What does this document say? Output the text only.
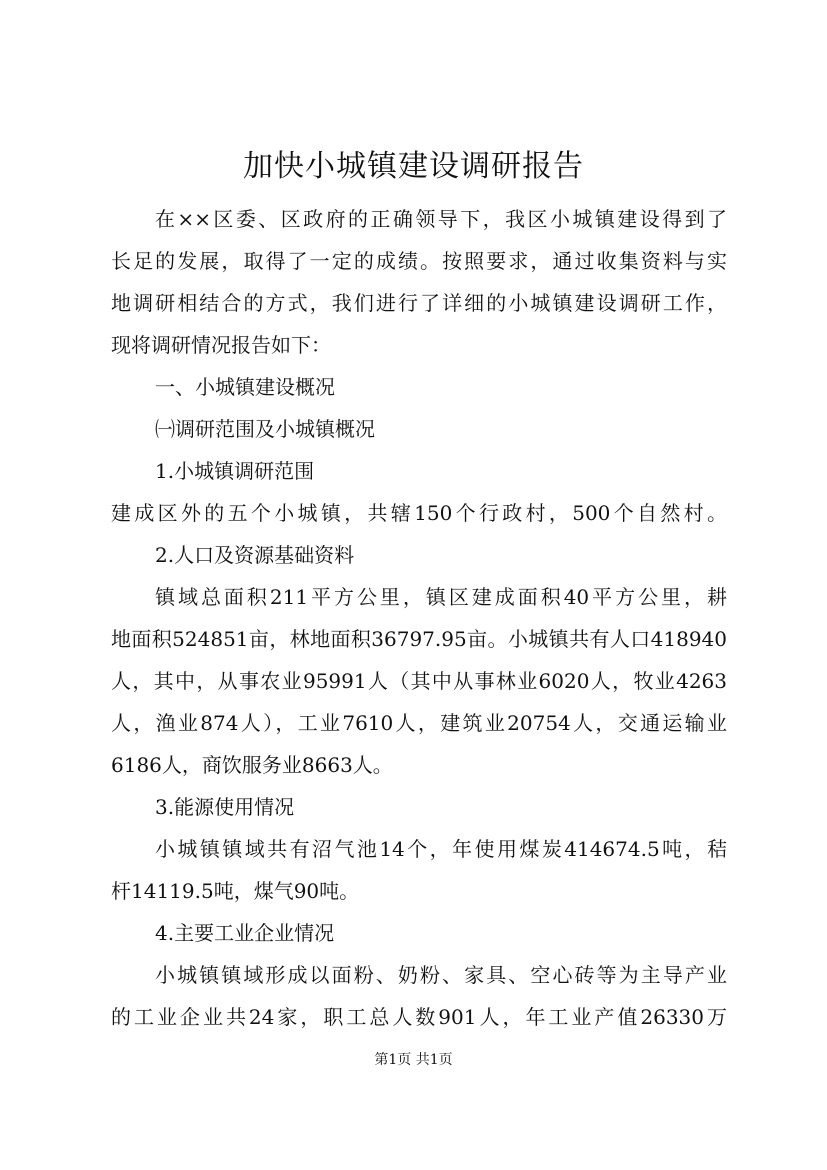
加快小城镇建设调研报告
在××区委、区政府的正确领导下，我区小城镇建设得到了
长足的发展，取得了一定的成绩。按照要求，通过收集资料与实
地调研相结合的方式，我们进行了详细的小城镇建设调研工作，
现将调研情况报告如下：
一、小城镇建设概况
㈠调研范围及小城镇概况
1.小城镇调研范围
建成区外的五个小城镇，共辖150个行政村，500个自然村。
2.人口及资源基础资料
镇域总面积211平方公里，镇区建成面积40平方公里，耕
地面积524851亩，林地面积36797.95亩。小城镇共有人口418940
人，其中，从事农业95991人（其中从事林业6020人，牧业4263
人，渔业874人），工业7610人，建筑业20754人，交通运输业
6186人，商饮服务业8663人。
3.能源使用情况
小城镇镇域共有沼气池14个，年使用煤炭414674.5吨，秸
杆14119.5吨，煤气90吨。
4.主要工业企业情况
小城镇镇域形成以面粉、奶粉、家具、空心砖等为主导产业
的工业企业共24家，职工总人数901人，年工业产值26330万
第1页 共1页
